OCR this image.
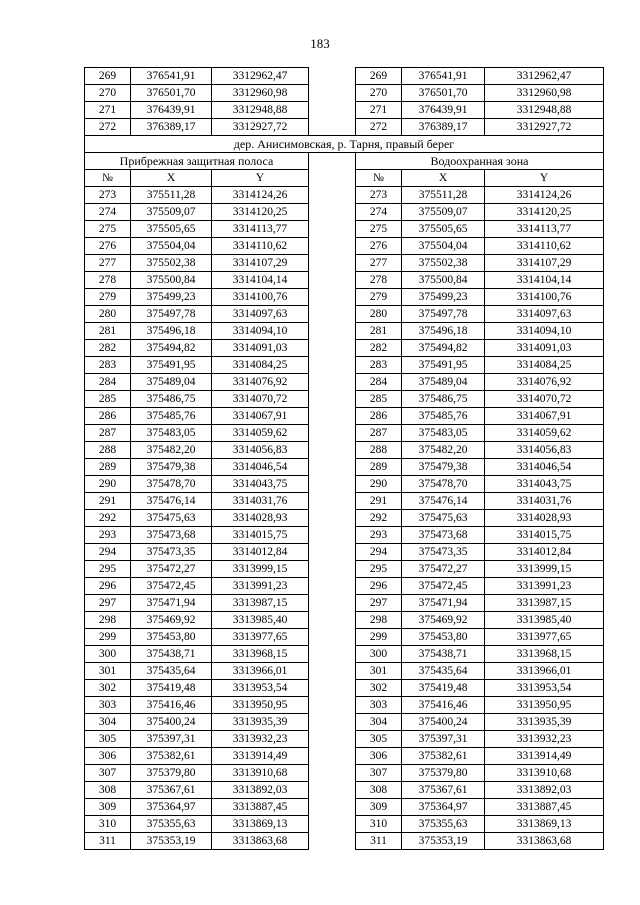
183
269	376541,91	3312962,47		269	376541,91	3312962,47
270	376501,70	3312960,98		270	376501,70	3312960,98
271	376439,91	3312948,88		271	376439,91	3312948,88
272	376389,17	3312927,72		272	376389,17	3312927,72
дер. Анисимовская, р. Тарня, правый берег						
Прибрежная защитная полоса				Водоохранная зона		
№	X	Y		№	X	Y
273	375511,28	3314124,26		273	375511,28	3314124,26
274	375509,07	3314120,25		274	375509,07	3314120,25
275	375505,65	3314113,77		275	375505,65	3314113,77
276	375504,04	3314110,62		276	375504,04	3314110,62
277	375502,38	3314107,29		277	375502,38	3314107,29
278	375500,84	3314104,14		278	375500,84	3314104,14
279	375499,23	3314100,76		279	375499,23	3314100,76
280	375497,78	3314097,63		280	375497,78	3314097,63
281	375496,18	3314094,10		281	375496,18	3314094,10
282	375494,82	3314091,03		282	375494,82	3314091,03
283	375491,95	3314084,25		283	375491,95	3314084,25
284	375489,04	3314076,92		284	375489,04	3314076,92
285	375486,75	3314070,72		285	375486,75	3314070,72
286	375485,76	3314067,91		286	375485,76	3314067,91
287	375483,05	3314059,62		287	375483,05	3314059,62
288	375482,20	3314056,83		288	375482,20	3314056,83
289	375479,38	3314046,54		289	375479,38	3314046,54
290	375478,70	3314043,75		290	375478,70	3314043,75
291	375476,14	3314031,76		291	375476,14	3314031,76
292	375475,63	3314028,93		292	375475,63	3314028,93
293	375473,68	3314015,75		293	375473,68	3314015,75
294	375473,35	3314012,84		294	375473,35	3314012,84
295	375472,27	3313999,15		295	375472,27	3313999,15
296	375472,45	3313991,23		296	375472,45	3313991,23
297	375471,94	3313987,15		297	375471,94	3313987,15
298	375469,92	3313985,40		298	375469,92	3313985,40
299	375453,80	3313977,65		299	375453,80	3313977,65
300	375438,71	3313968,15		300	375438,71	3313968,15
301	375435,64	3313966,01		301	375435,64	3313966,01
302	375419,48	3313953,54		302	375419,48	3313953,54
303	375416,46	3313950,95		303	375416,46	3313950,95
304	375400,24	3313935,39		304	375400,24	3313935,39
305	375397,31	3313932,23		305	375397,31	3313932,23
306	375382,61	3313914,49		306	375382,61	3313914,49
307	375379,80	3313910,68		307	375379,80	3313910,68
308	375367,61	3313892,03		308	375367,61	3313892,03
309	375364,97	3313887,45		309	375364,97	3313887,45
310	375355,63	3313869,13		310	375355,63	3313869,13
311	375353,19	3313863,68		311	375353,19	3313863,68
